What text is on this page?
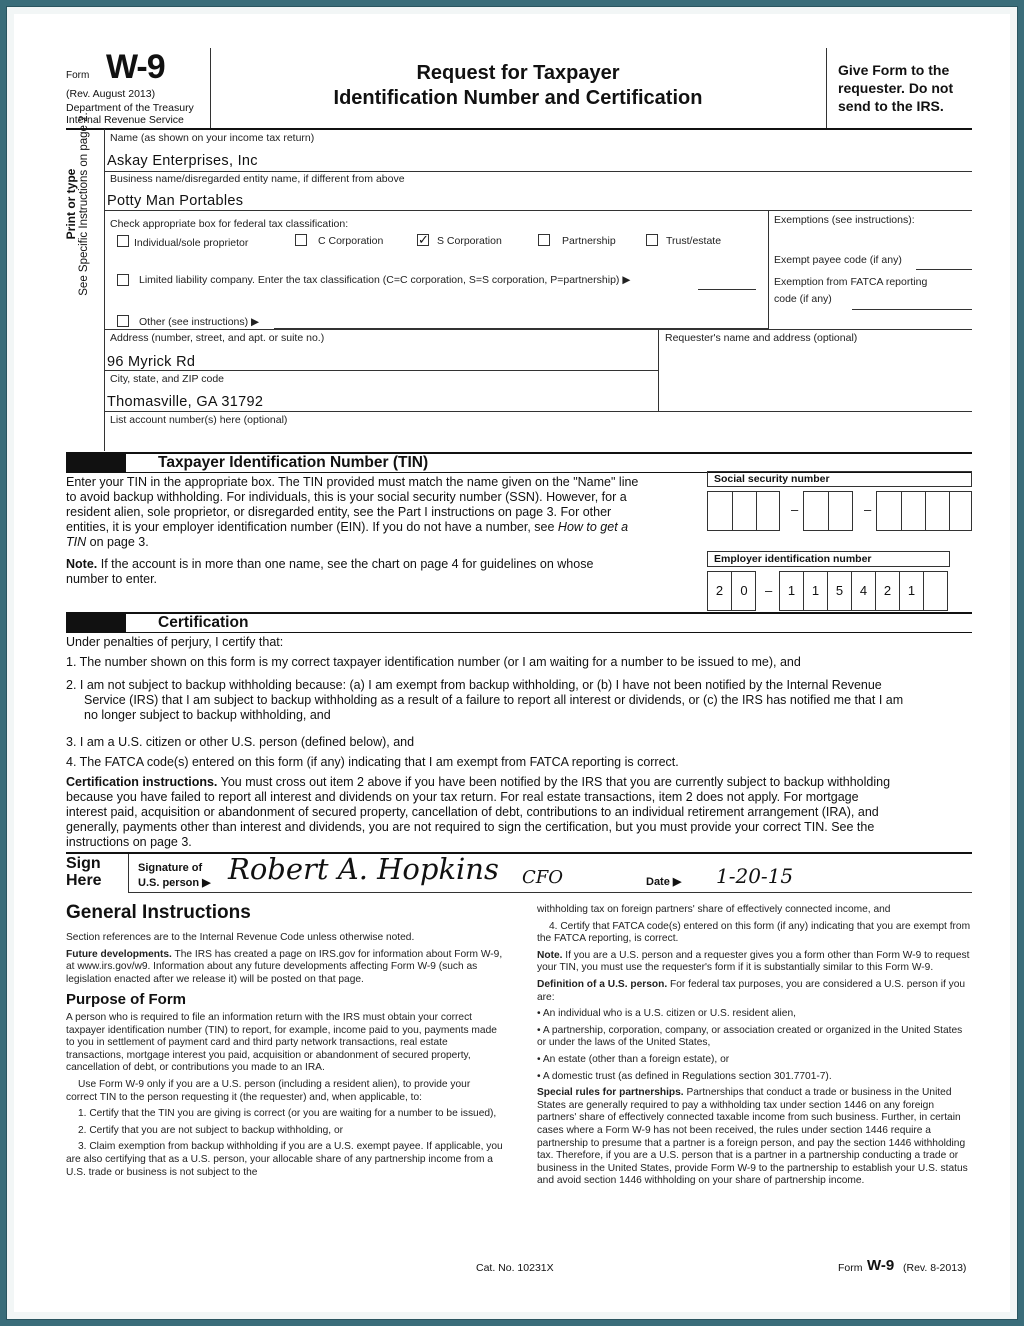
Form W-9
(Rev. August 2013)
Department of the Treasury
Internal Revenue Service
Request for Taxpayer
Identification Number and Certification
Give Form to the
requester. Do not
send to the IRS.
Print or type See Specific Instructions on page 2. Name (as shown on your income tax return)
Askay Enterprises, Inc
Business name/disregarded entity name, if different from above
Potty Man Portables
Check appropriate box for federal tax classification:
Individual/sole proprietor	C Corporation	✓ S Corporation	Partnership	Trust/estate
Limited liability company. Enter the tax classification (C=C corporation, S=S corporation, P=partnership) ▶
Other (see instructions) ▶
Exemptions (see instructions):
Exempt payee code (if any)
Exemption from FATCA reporting
code (if any)
Address (number, street, and apt. or suite no.)
96 Myrick Rd
Requester's name and address (optional)
City, state, and ZIP code
Thomasville, GA 31792
List account number(s) here (optional)
Taxpayer Identification Number (TIN)
Enter your TIN in the appropriate box. The TIN provided must match the name given on the "Name" line
to avoid backup withholding. For individuals, this is your social security number (SSN). However, for a
resident alien, sole proprietor, or disregarded entity, see the Part I instructions on page 3. For other
entities, it is your employer identification number (EIN). If you do not have a number, see How to get a
TIN on page 3.
Note. If the account is in more than one name, see the chart on page 4 for guidelines on whose
number to enter.
Social security number
–	–
Employer identification number
2	0	–	1	1	5	4	2	1
Certification
Under penalties of perjury, I certify that:
1. The number shown on this form is my correct taxpayer identification number (or I am waiting for a number to be issued to me), and
2. I am not subject to backup withholding because: (a) I am exempt from backup withholding, or (b) I have not been notified by the Internal Revenue
Service (IRS) that I am subject to backup withholding as a result of a failure to report all interest or dividends, or (c) the IRS has notified me that I am
no longer subject to backup withholding, and
3. I am a U.S. citizen or other U.S. person (defined below), and
4. The FATCA code(s) entered on this form (if any) indicating that I am exempt from FATCA reporting is correct.
Certification instructions. You must cross out item 2 above if you have been notified by the IRS that you are currently subject to backup withholding
because you have failed to report all interest and dividends on your tax return. For real estate transactions, item 2 does not apply. For mortgage
interest paid, acquisition or abandonment of secured property, cancellation of debt, contributions to an individual retirement arrangement (IRA), and
generally, payments other than interest and dividends, you are not required to sign the certification, but you must provide your correct TIN. See the
instructions on page 3.
Sign
Here
Signature of
U.S. person ▶ Robert A. Hopkins CFO	Date ▶ 1-20-15
General Instructions

Section references are to the Internal Revenue Code unless otherwise noted.

Future developments. The IRS has created a page on IRS.gov for information about Form W-9, at www.irs.gov/w9. Information about any future developments affecting Form W-9 (such as legislation enacted after we release it) will be posted on that page.

Purpose of Form

A person who is required to file an information return with the IRS must obtain your correct taxpayer identification number (TIN) to report, for example, income paid to you, payments made to you in settlement of payment card and third party network transactions, real estate transactions, mortgage interest you paid, acquisition or abandonment of secured property, cancellation of debt, or contributions you made to an IRA.

Use Form W-9 only if you are a U.S. person (including a resident alien), to provide your correct TIN to the person requesting it (the requester) and, when applicable, to:

1. Certify that the TIN you are giving is correct (or you are waiting for a number to be issued),

2. Certify that you are not subject to backup withholding, or

3. Claim exemption from backup withholding if you are a U.S. exempt payee. If applicable, you are also certifying that as a U.S. person, your allocable share of any partnership income from a U.S. trade or business is not subject to the

withholding tax on foreign partners' share of effectively connected income, and

4. Certify that FATCA code(s) entered on this form (if any) indicating that you are exempt from the FATCA reporting, is correct.

Note. If you are a U.S. person and a requester gives you a form other than Form W-9 to request your TIN, you must use the requester's form if it is substantially similar to this Form W-9.

Definition of a U.S. person. For federal tax purposes, you are considered a U.S. person if you are:

• An individual who is a U.S. citizen or U.S. resident alien,

• A partnership, corporation, company, or association created or organized in the United States or under the laws of the United States,

• An estate (other than a foreign estate), or

• A domestic trust (as defined in Regulations section 301.7701-7).

Special rules for partnerships. Partnerships that conduct a trade or business in the United States are generally required to pay a withholding tax under section 1446 on any foreign partners' share of effectively connected taxable income from such business. Further, in certain cases where a Form W-9 has not been received, the rules under section 1446 require a partnership to presume that a partner is a foreign person, and pay the section 1446 withholding tax. Therefore, if you are a U.S. person that is a partner in a partnership conducting a trade or business in the United States, provide Form W-9 to the partnership to establish your U.S. status and avoid section 1446 withholding on your share of partnership income.

Cat. No. 10231X	Form W-9 (Rev. 8-2013)
